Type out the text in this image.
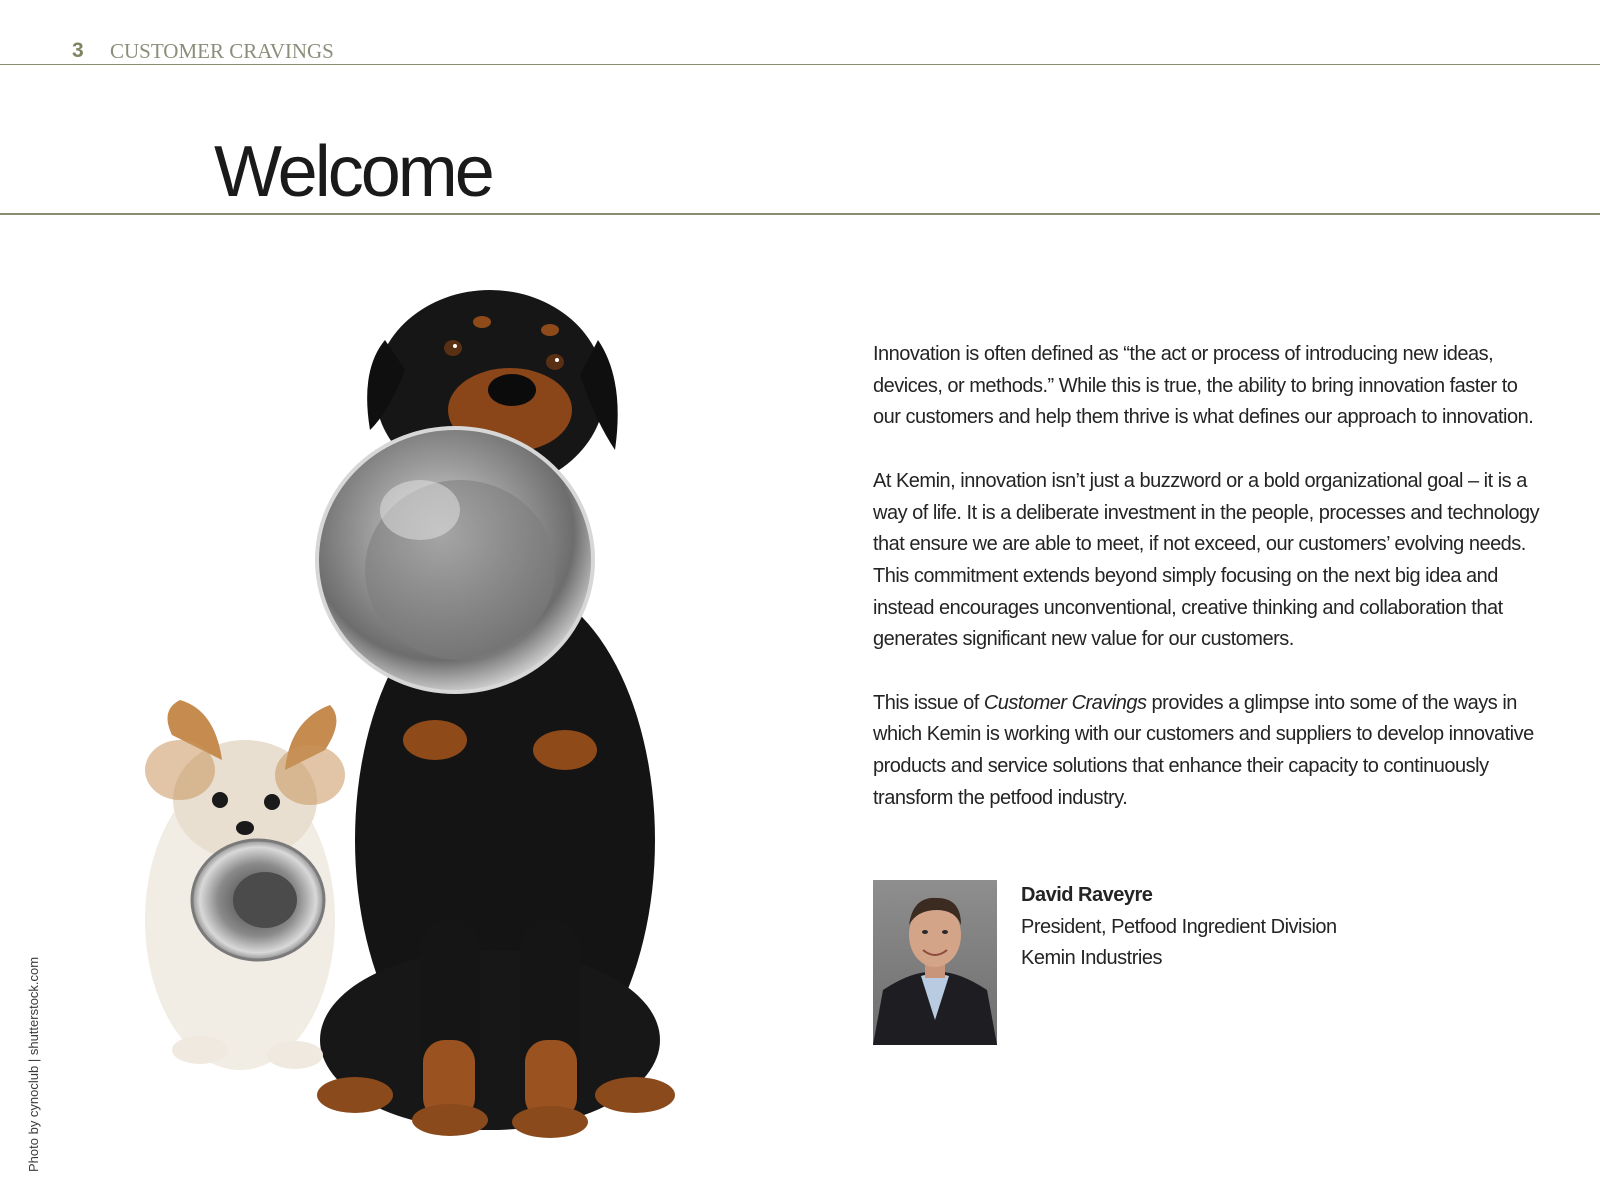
3 CUSTOMER CRAVINGS
Welcome
Photo by cynoclub | shutterstock.com

Innovation is often defined as “the act or process of introducing new ideas, devices, or methods.” While this is true, the ability to bring innovation faster to our customers and help them thrive is what defines our approach to innovation.

At Kemin, innovation isn’t just a buzzword or a bold organizational goal – it is a way of life. It is a deliberate investment in the people, processes and technology that ensure we are able to meet, if not exceed, our customers’ evolving needs. This commitment extends beyond simply focusing on the next big idea and instead encourages unconventional, creative thinking and collaboration that generates significant new value for our customers.

This issue of Customer Cravings provides a glimpse into some of the ways in which Kemin is working with our customers and suppliers to develop innovative products and service solutions that enhance their capacity to continuously transform the petfood industry.

David Raveyre
President, Petfood Ingredient Division
Kemin Industries
